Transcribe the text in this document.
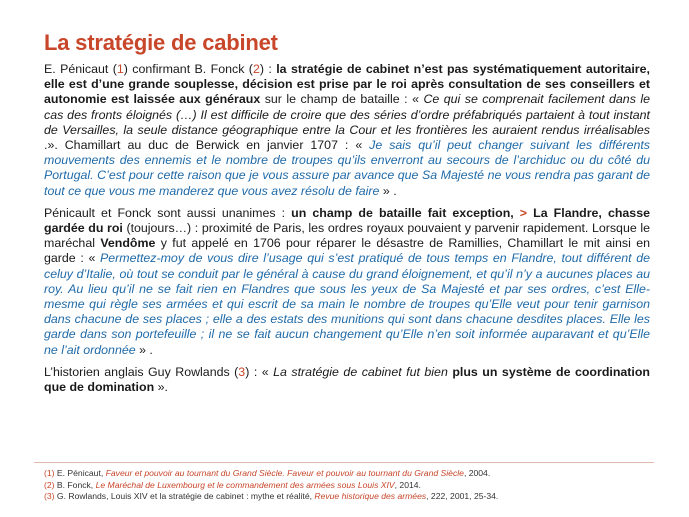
La stratégie de cabinet

E. Pénicaut (1) confirmant B. Fonck (2) : la stratégie de cabinet n’est pas systématiquement autoritaire, elle est d’une grande souplesse, décision est prise par le roi après consultation de ses conseillers et autonomie est laissée aux généraux sur le champ de bataille : « Ce qui se comprenait facilement dans le cas des fronts éloignés (…) Il est difficile de croire que des séries d’ordre préfabriqués partaient à tout instant de Versailles, la seule distance géographique entre la Cour et les frontières les auraient rendus irréalisables .». Chamillart au duc de Berwick en janvier 1707 : « Je sais qu’il peut changer suivant les différents mouvements des ennemis et le nombre de troupes qu’ils enverront au secours de l’archiduc ou du côté du Portugal. C’est pour cette raison que je vous assure par avance que Sa Majesté ne vous rendra pas garant de tout ce que vous me manderez que vous avez résolu de faire » .

Pénicault et Fonck sont aussi unanimes : un champ de bataille fait exception, > La Flandre, chasse gardée du roi (toujours…) : proximité de Paris, les ordres royaux pouvaient y parvenir rapidement. Lorsque le maréchal Vendôme y fut appelé en 1706 pour réparer le désastre de Ramillies, Chamillart le mit ainsi en garde : « Permettez-moy de vous dire l’usage qui s’est pratiqué de tous temps en Flandre, tout différent de celuy d’Italie, où tout se conduit par le général à cause du grand éloignement, et qu’il n’y a aucunes places au roy. Au lieu qu’il ne se fait rien en Flandres que sous les yeux de Sa Majesté et par ses ordres, c’est Elle-mesme qui règle ses armées et qui escrit de sa main le nombre de troupes qu’Elle veut pour tenir garnison dans chacune de ses places ; elle a des estats des munitions qui sont dans chacune desdites places. Elle les garde dans son portefeuille ; il ne se fait aucun changement qu’Elle n’en soit informée auparavant et qu’Elle ne l’ait ordonnée » .

L’historien anglais Guy Rowlands (3) : « La stratégie de cabinet fut bien plus un système de coordination que de domination ».

(1) E. Pénicaut, Faveur et pouvoir au tournant du Grand Siècle. Faveur et pouvoir au tournant du Grand Siècle, 2004.
(2) B. Fonck, Le Maréchal de Luxembourg et le commandement des armées sous Louis XIV, 2014.
(3) G. Rowlands, Louis XIV et la stratégie de cabinet : mythe et réalité, Revue historique des armées, 222, 2001, 25-34.
